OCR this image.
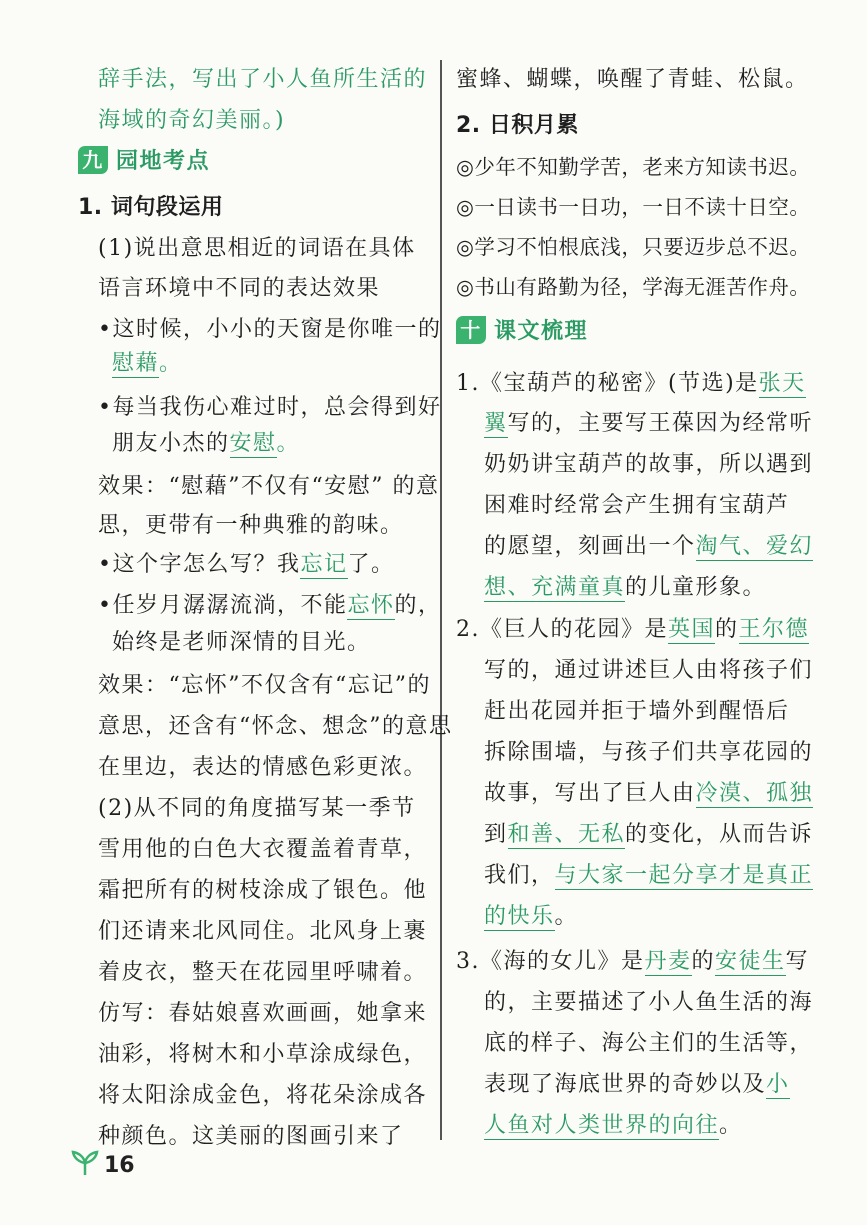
辞手法，写出了小人鱼所生活的
海域的奇幻美丽。)
九 园地考点
1. 词句段运用
(1)说出意思相近的词语在具体
语言环境中不同的表达效果
•这时候，小小的天窗是你唯一的
慰藉。
•每当我伤心难过时，总会得到好
朋友小杰的安慰。
效果：“慰藉”不仅有“安慰” 的意
思，更带有一种典雅的韵味。
•这个字怎么写？我忘记了。
•任岁月潺潺流淌，不能忘怀的，
始终是老师深情的目光。
效果：“忘怀”不仅含有“忘记”的
意思，还含有“怀念、想念”的意思
在里边，表达的情感色彩更浓。
(2)从不同的角度描写某一季节
雪用他的白色大衣覆盖着青草，
霜把所有的树枝涂成了银色。他
们还请来北风同住。北风身上裹
着皮衣，整天在花园里呼啸着。
仿写：春姑娘喜欢画画，她拿来
油彩，将树木和小草涂成绿色，
将太阳涂成金色，将花朵涂成各
种颜色。这美丽的图画引来了
蜜蜂、蝴蝶，唤醒了青蛙、松鼠。
2. 日积月累
◎少年不知勤学苦，老来方知读书迟。
◎一日读书一日功，一日不读十日空。
◎学习不怕根底浅，只要迈步总不迟。
◎书山有路勤为径，学海无涯苦作舟。
十 课文梳理
1.《宝葫芦的秘密》(节选)是张天
翼写的，主要写王葆因为经常听
奶奶讲宝葫芦的故事，所以遇到
困难时经常会产生拥有宝葫芦
的愿望，刻画出一个淘气、爱幻
想、充满童真的儿童形象。
2.《巨人的花园》是英国的王尔德
写的，通过讲述巨人由将孩子们
赶出花园并拒于墙外到醒悟后
拆除围墙，与孩子们共享花园的
故事，写出了巨人由冷漠、孤独
到和善、无私的变化，从而告诉
我们，与大家一起分享才是真正
的快乐。
3.《海的女儿》是丹麦的安徒生写
的，主要描述了小人鱼生活的海
底的样子、海公主们的生活等，
表现了海底世界的奇妙以及小
人鱼对人类世界的向往。
16
